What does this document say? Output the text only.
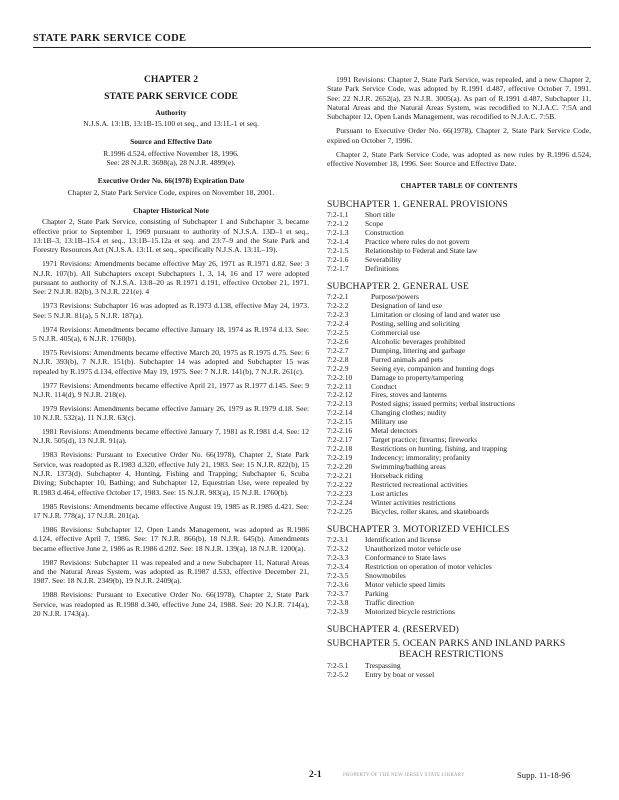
STATE PARK SERVICE CODE
CHAPTER 2
STATE PARK SERVICE CODE
Authority
N.J.S.A. 13:1B, 13:1B-15.100 et seq., and 13:1L-1 et seq.
Source and Effective Date
R.1996 d.524, effective November 18, 1996.
See: 28 N.J.R. 3698(a), 28 N.J.R. 4899(e).
Executive Order No. 66(1978) Expiration Date
Chapter 2, State Park Service Code, expires on November 18, 2001.
Chapter Historical Note

Chapter 2, State Park Service, consisting of Subchapter 1 and Subchapter 3, became effective prior to September 1, 1969 pursuant to authority of N.J.S.A. 13D–1 et seq., 13:1B–3, 13:1B–15.4 et seq., 13:1B–15.12a et seq. and 23:7–9 and the State Park and Forestry Resources Act (N.J.S.A. 13:1L et seq., specifically N.J.S.A. 13:1L–19).

1971 Revisions: Amendments became effective May 26, 1971 as R.1971 d.82. See: 3 N.J.R. 107(b). All Subchapters except Subchapters 1, 3, 14, 16 and 17 were adopted pursuant to authority of N.J.S.A. 13:8–20 as R.1971 d.191, effective October 21, 1971. See: 2 N.J.R. 82(b), 3 N.J.R. 221(e). 4

1973 Revisions: Subchapter 16 was adopted as R.1973 d.138, effective May 24, 1973. See: 5 N.J.R. 81(a), 5 N.J.R. 187(a).

1974 Revisions: Amendments became effective January 18, 1974 as R.1974 d.13. See: 5 N.J.R. 405(a), 6 N.J.R. 1760(b).

1975 Revisions: Amendments became effective March 20, 1975 as R.1975 d.75. See: 6 N.J.R. 393(b), 7 N.J.R. 151(b). Subchapter 14 was adopted and Subchapter 15 was repealed by R.1975 d.134, effective May 19, 1975. See: 7 N.J.R. 141(b), 7 N.J.R. 261(c).

1977 Revisions: Amendments became effective April 21, 1977 as R.1977 d.145. See: 9 N.J.R. 114(d), 9 N.J.R. 218(e).

1979 Revisions: Amendments became effective January 26, 1979 as R.1979 d.18. See: 10 N.J.R. 532(a), 11 N.J.R. 63(c).

1981 Revisions: Amendments became effective January 7, 1981 as R.1981 d.4. See: 12 N.J.R. 505(d), 13 N.J.R. 91(a).

1983 Revisions: Pursuant to Executive Order No. 66(1978), Chapter 2, State Park Service, was readopted as R.1983 d.320, effective July 21, 1983. See: 15 N.J.R. 822(b), 15 N.J.R. 1373(d). Subchapter 4, Hunting, Fishing and Trapping; Subchapter 6, Scuba Diving; Subchapter 10, Bathing; and Subchapter 12, Equestrian Use, were repealed by R.1983 d.464, effective October 17, 1983. See: 15 N.J.R. 983(a), 15 N.J.R. 1760(b).

1985 Revisions: Amendments became effective August 19, 1985 as R.1985 d.421. See: 17 N.J.R. 778(a), 17 N.J.R. 201(a).

1986 Revisions: Subchapter 12, Open Lands Management, was adopted as R.1986 d.124, effective April 7, 1986. See: 17 N.J.R. 866(b), 18 N.J.R. 645(b). Amendments became effective June 2, 1986 as R.1986 d.202. See: 18 N.J.R. 139(a), 18 N.J.R. 1200(a).

1987 Revisions: Subchapter 11 was repealed and a new Subchapter 11, Natural Areas and the Natural Areas System, was adopted as R.1987 d.533, effective December 21, 1987. See: 18 N.J.R. 2349(b), 19 N.J.R. 2409(a).

1988 Revisions: Pursuant to Executive Order No. 66(1978), Chapter 2, State Park Service, was readopted as R.1988 d.340, effective June 24, 1988. See: 20 N.J.R. 714(a), 20 N.J.R. 1743(a).

1991 Revisions: Chapter 2, State Park Service, was repealed, and a new Chapter 2, State Park Service Code, was adopted by R.1991 d.487, effective October 7, 1991. See: 22 N.J.R. 2652(a), 23 N.J.R. 3005(a). As part of R.1991 d.487, Subchapter 11, Natural Areas and the Natural Areas System, was recodified to N.J.A.C. 7:5A and Subchapter 12, Open Lands Management, was recodified to N.J.A.C. 7:5B.

Pursuant to Executive Order No. 66(1978), Chapter 2, State Park Service Code, expired on October 7, 1996.

Chapter 2, State Park Service Code, was adopted as new rules by R.1996 d.524, effective November 18, 1996. See: Source and Effective Date.

CHAPTER TABLE OF CONTENTS
SUBCHAPTER 1. GENERAL PROVISIONS
7:2-1.1	Short title
7:2-1.2	Scope
7:2-1.3	Construction
7:2-1.4	Practice where rules do not govern
7:2-1.5	Relationship to Federal and State law
7:2-1.6	Severability
7:2-1.7	Definitions
SUBCHAPTER 2. GENERAL USE
7:2-2.1	Purpose/powers
7:2-2.2	Designation of land use
7:2-2.3	Limitation or closing of land and water use
7:2-2.4	Posting, selling and soliciting
7:2-2.5	Commercial use
7:2-2.6	Alcoholic beverages prohibited
7:2-2.7	Dumping, littering and garbage
7:2-2.8	Furred animals and pets
7:2-2.9	Seeing eye, companion and hunting dogs
7:2-2.10	Damage to property/tampering
7:2-2.11	Conduct
7:2-2.12	Fires, stoves and lanterns
7:2-2.13	Posted signs; issued permits; verbal instructions
7:2-2.14	Changing clothes; nudity
7:2-2.15	Military use
7:2-2.16	Metal detectors
7:2-2.17	Target practice; firearms; fireworks
7:2-2.18	Restrictions on hunting, fishing, and trapping
7:2-2.19	Indecency; immorality; profanity
7:2-2.20	Swimming/bathing areas
7:2-2.21	Horseback riding
7:2-2.22	Restricted recreational activities
7:2-2.23	Lost articles
7:2-2.24	Winter activities restrictions
7:2-2.25	Bicycles, roller skates, and skateboards
SUBCHAPTER 3. MOTORIZED VEHICLES
7:2-3.1	Identification and license
7:2-3.2	Unauthorized motor vehicle use
7:2-3.3	Conformance to State laws
7:2-3.4	Restriction on operation of motor vehicles
7:2-3.5	Snowmobiles
7:2-3.6	Motor vehicle speed limits
7:2-3.7	Parking
7:2-3.8	Traffic direction
7:2-3.9	Motorized bicycle restrictions
SUBCHAPTER 4. (RESERVED)
SUBCHAPTER 5. OCEAN PARKS AND INLAND PARKS
BEACH RESTRICTIONS
7:2-5.1	Trespassing
7:2-5.2	Entry by boat or vessel
2-1	PROPERTY OF THE NEW JERSEY STATE LIBRARY	Supp. 11-18-96
